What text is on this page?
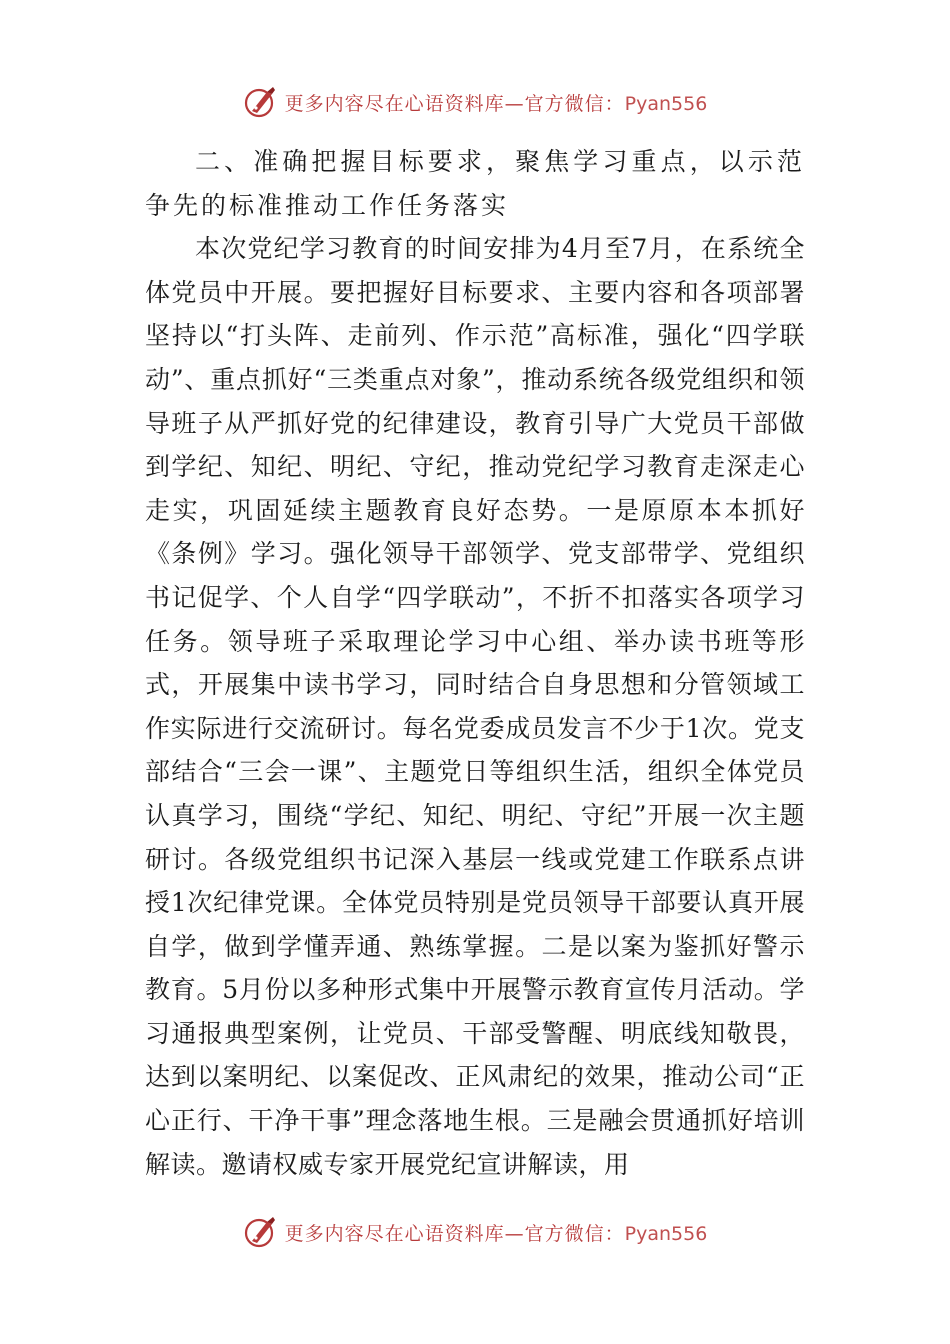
更多内容尽在心语资料库—官方微信：Pyan556

二、准确把握目标要求，聚焦学习重点，以示范争先的标准推动工作任务落实

本次党纪学习教育的时间安排为4月至7月，在系统全体党员中开展。要把握好目标要求、主要内容和各项部署坚持以“打头阵、走前列、作示范”高标准，强化“四学联动”、重点抓好“三类重点对象”，推动系统各级党组织和领导班子从严抓好党的纪律建设，教育引导广大党员干部做到学纪、知纪、明纪、守纪，推动党纪学习教育走深走心走实，巩固延续主题教育良好态势。一是原原本本抓好《条例》学习。强化领导干部领学、党支部带学、党组织书记促学、个人自学“四学联动”，不折不扣落实各项学习任务。领导班子采取理论学习中心组、举办读书班等形式，开展集中读书学习，同时结合自身思想和分管领域工作实际进行交流研讨。每名党委成员发言不少于1次。党支部结合“三会一课”、主题党日等组织生活，组织全体党员认真学习，围绕“学纪、知纪、明纪、守纪”开展一次主题研讨。各级党组织书记深入基层一线或党建工作联系点讲授1次纪律党课。全体党员特别是党员领导干部要认真开展自学，做到学懂弄通、熟练掌握。二是以案为鉴抓好警示教育。5月份以多种形式集中开展警示教育宣传月活动。学习通报典型案例，让党员、干部受警醒、明底线知敬畏，达到以案明纪、以案促改、正风肃纪的效果，推动公司“正心正行、干净干事”理念落地生根。三是融会贯通抓好培训解读。邀请权威专家开展党纪宣讲解读，用

更多内容尽在心语资料库—官方微信：Pyan556
